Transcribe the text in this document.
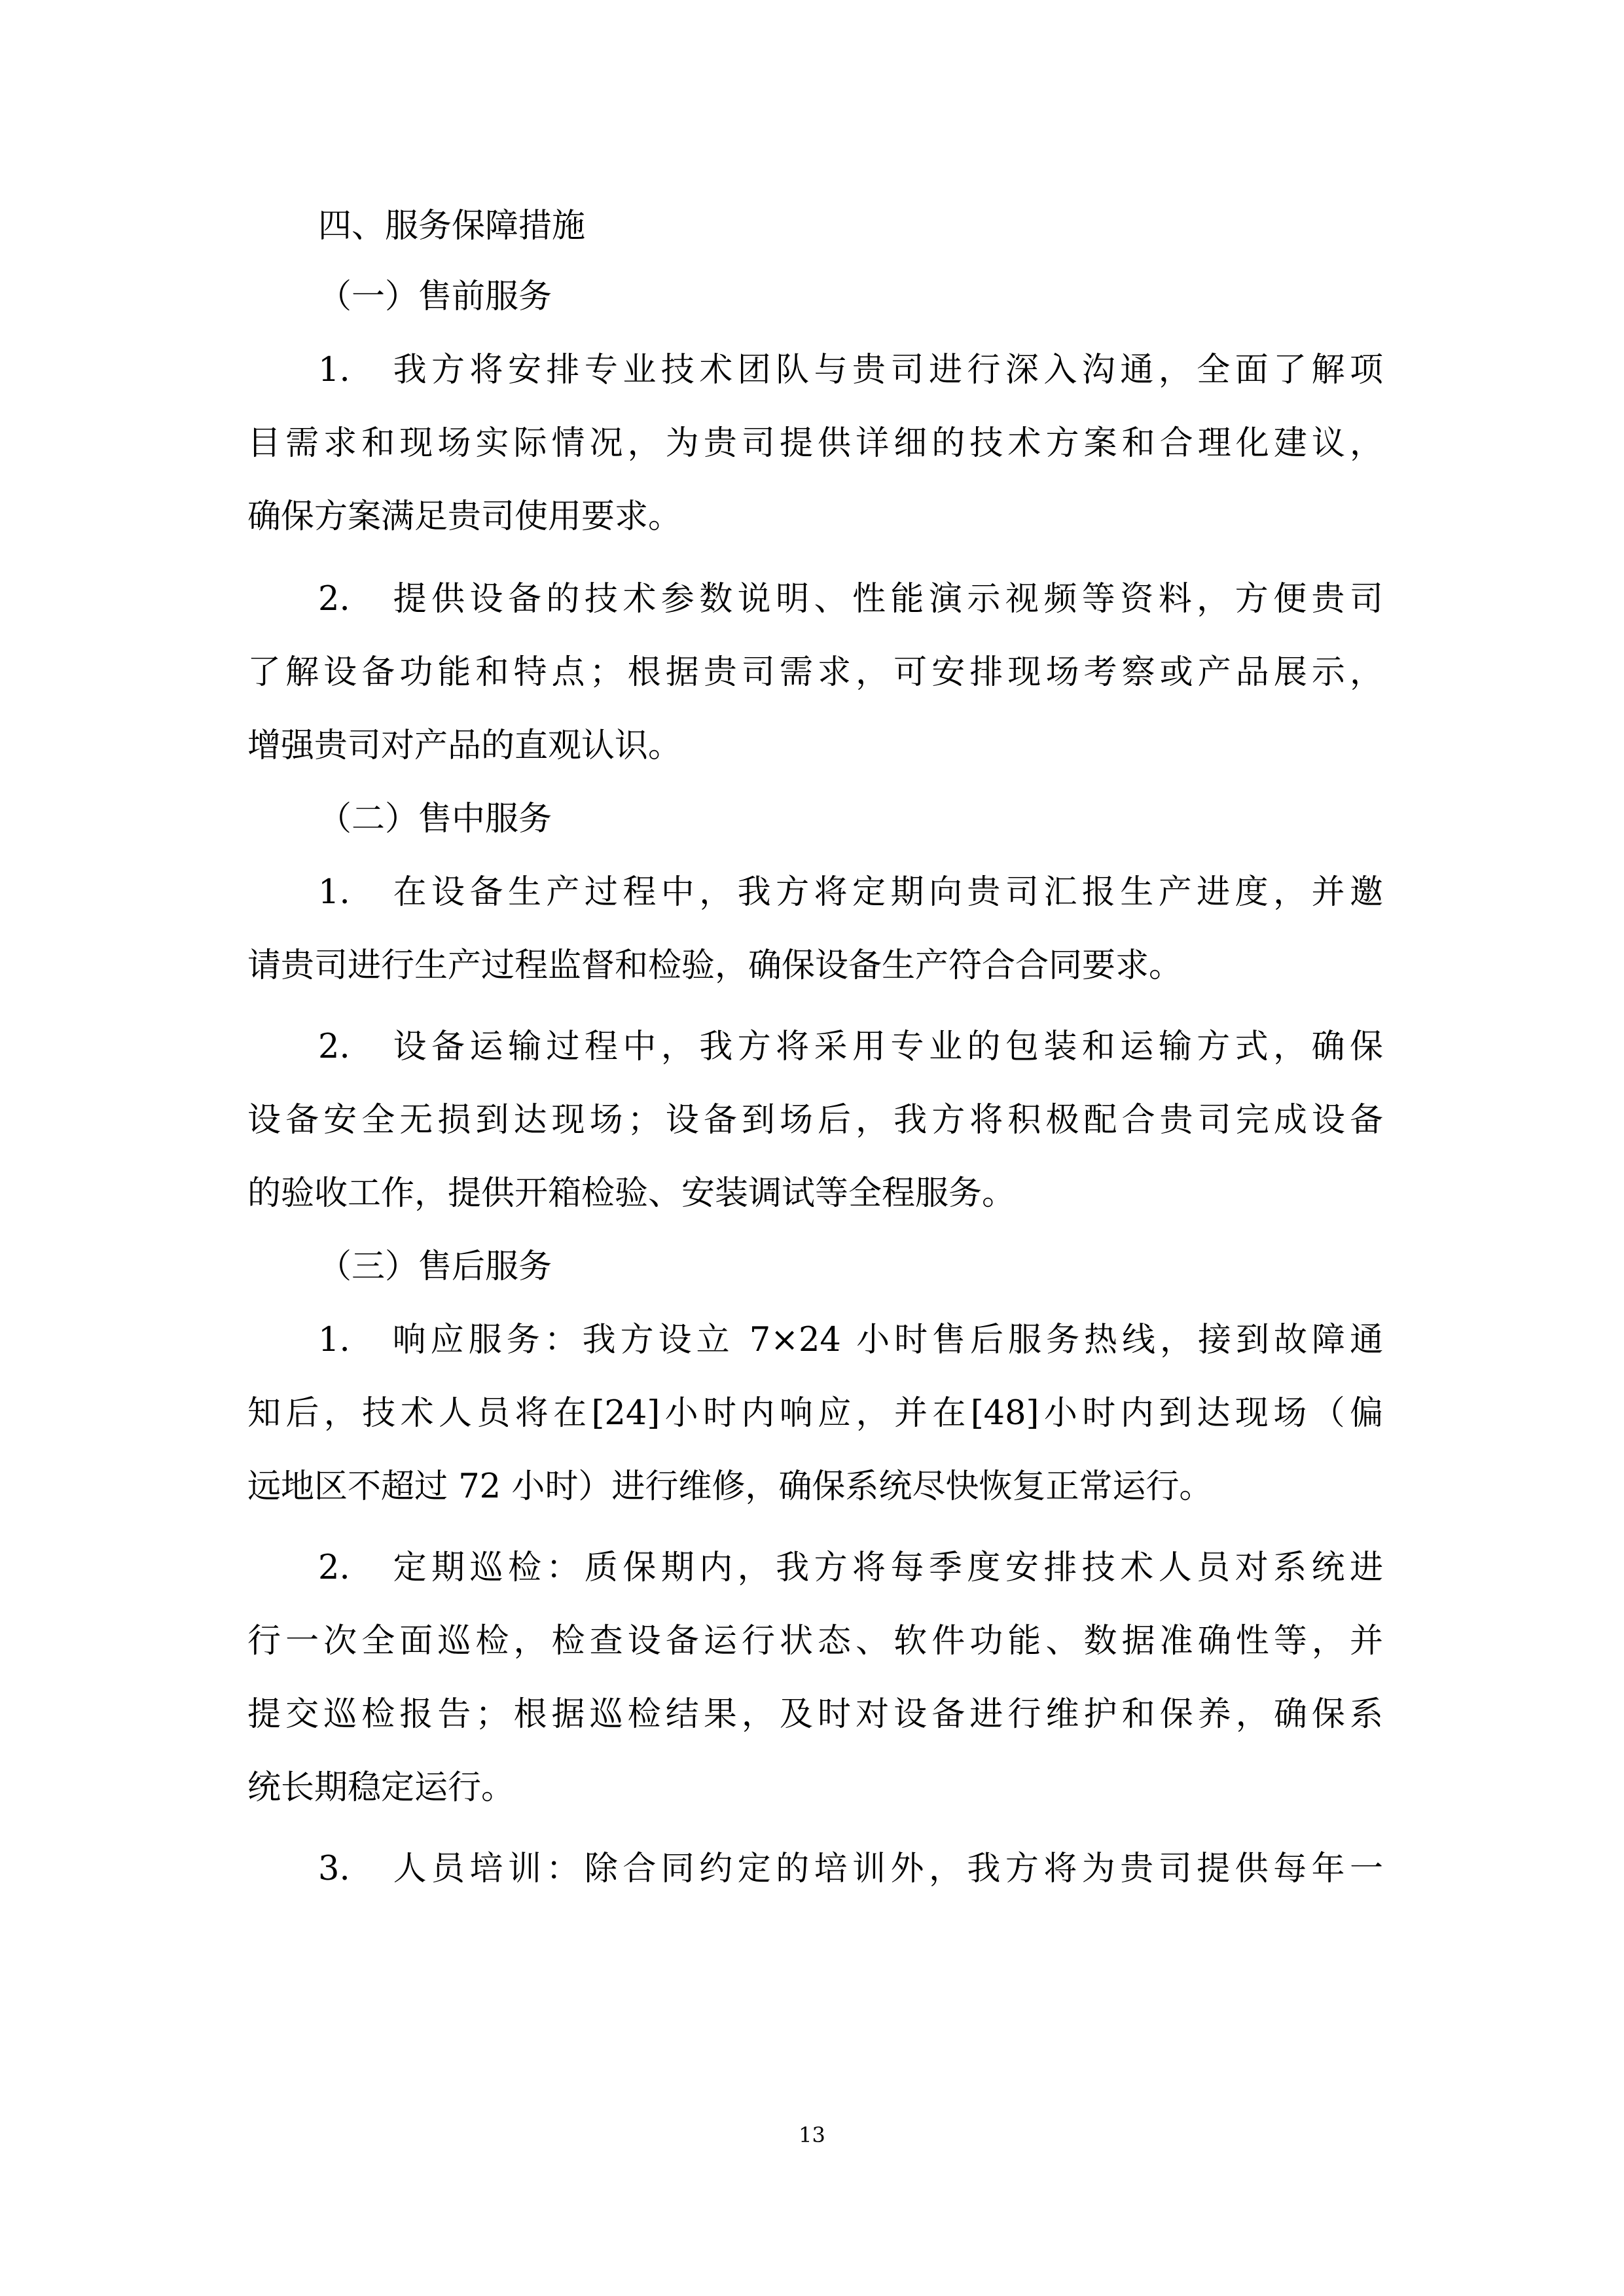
四、服务保障措施
（一）售前服务
1.　我方将安排专业技术团队与贵司进行深入沟通，全面了解项
目需求和现场实际情况，为贵司提供详细的技术方案和合理化建议，
确保方案满足贵司使用要求。
2.　提供设备的技术参数说明、性能演示视频等资料，方便贵司
了解设备功能和特点；根据贵司需求，可安排现场考察或产品展示，
增强贵司对产品的直观认识。
（二）售中服务
1.　在设备生产过程中，我方将定期向贵司汇报生产进度，并邀
请贵司进行生产过程监督和检验，确保设备生产符合合同要求。
2.　设备运输过程中，我方将采用专业的包装和运输方式，确保
设备安全无损到达现场；设备到场后，我方将积极配合贵司完成设备
的验收工作，提供开箱检验、安装调试等全程服务。
（三）售后服务
1.　响应服务：我方设立 7×24 小时售后服务热线，接到故障通
知后，技术人员将在[24]小时内响应，并在[48]小时内到达现场（偏
远地区不超过 72 小时）进行维修，确保系统尽快恢复正常运行。
2.　定期巡检：质保期内，我方将每季度安排技术人员对系统进
行一次全面巡检，检查设备运行状态、软件功能、数据准确性等，并
提交巡检报告；根据巡检结果，及时对设备进行维护和保养，确保系
统长期稳定运行。
3.　人员培训：除合同约定的培训外，我方将为贵司提供每年一
13
